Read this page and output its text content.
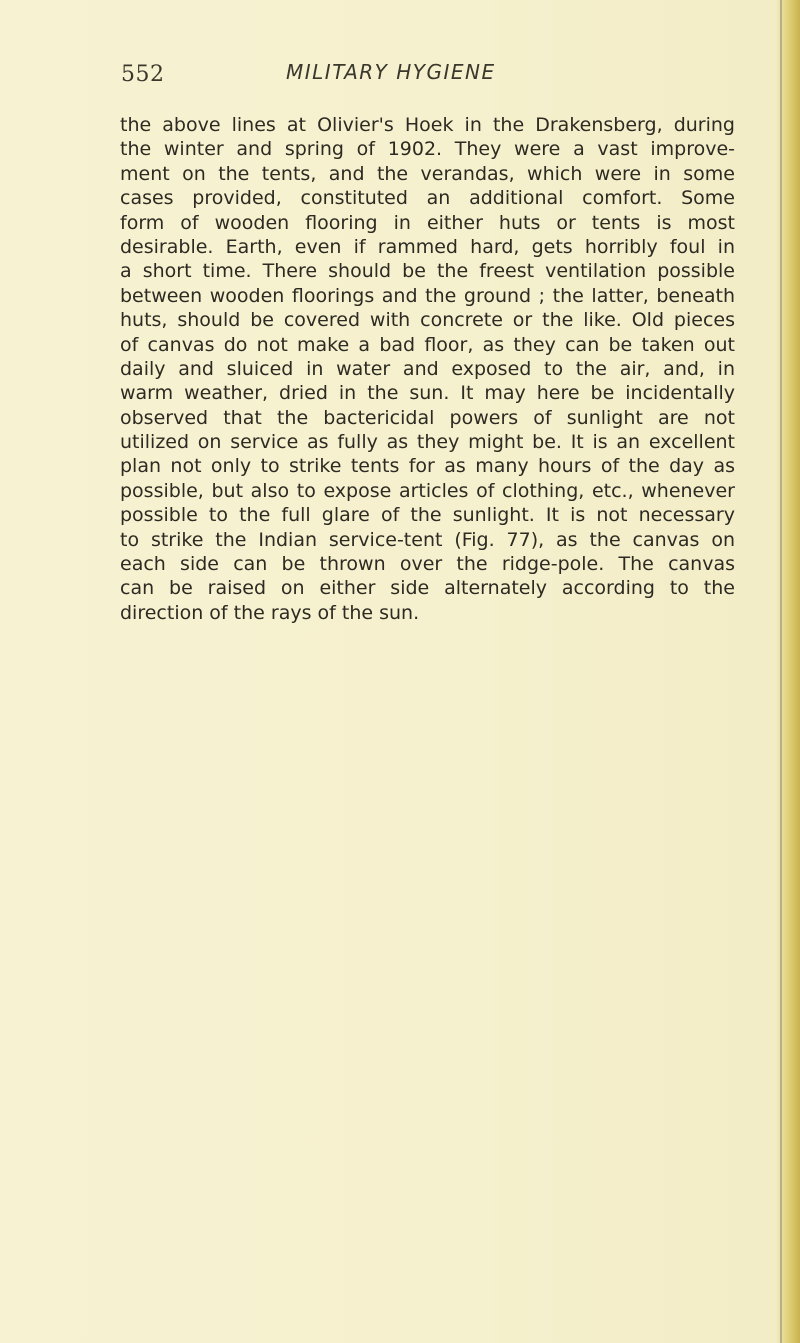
552	MILITARY HYGIENE
the above lines at Olivier's Hoek in the Drakensberg, during
the winter and spring of 1902. They were a vast improve-
ment on the tents, and the verandas, which were in some
cases provided, constituted an additional comfort. Some
form of wooden flooring in either huts or tents is most
desirable. Earth, even if rammed hard, gets horribly foul in
a short time. There should be the freest ventilation possible
between wooden floorings and the ground ; the latter, beneath
huts, should be covered with concrete or the like. Old pieces
of canvas do not make a bad floor, as they can be taken out
daily and sluiced in water and exposed to the air, and, in
warm weather, dried in the sun. It may here be incidentally
observed that the bactericidal powers of sunlight are not
utilized on service as fully as they might be. It is an excellent
plan not only to strike tents for as many hours of the day as
possible, but also to expose articles of clothing, etc., whenever
possible to the full glare of the sunlight. It is not necessary
to strike the Indian service-tent (Fig. 77), as the canvas on
each side can be thrown over the ridge-pole. The canvas
can be raised on either side alternately according to the
direction of the rays of the sun.
